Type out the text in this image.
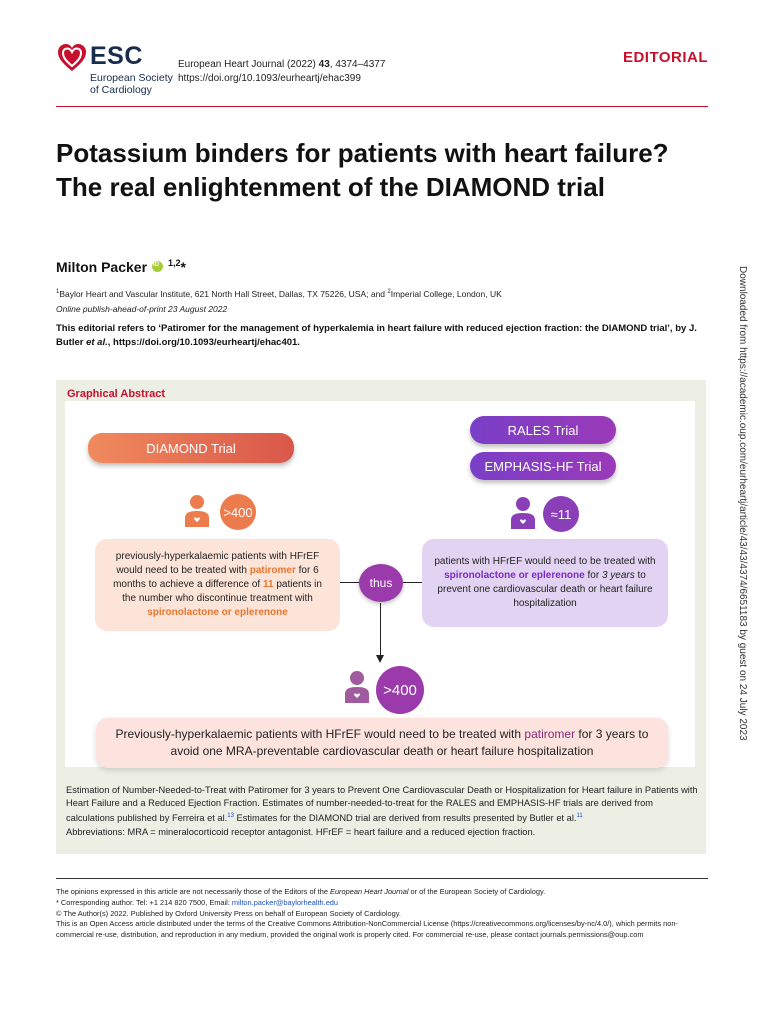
ESC
European Society
of Cardiology
European Heart Journal (2022) 43, 4374–4377
https://doi.org/10.1093/eurheartj/ehac399
EDITORIAL
Potassium binders for patients with heart failure? The real enlightenment of the DIAMOND trial
Milton Packer
iD $^{1,2}$*
$^1$Baylor Heart and Vascular Institute, 621 North Hall Street, Dallas, TX 75226, USA; and $^2$Imperial College, London, UK
Online publish-ahead-of-print 23 August 2022
This editorial refers to ‘Patiromer for the management of hyperkalemia in heart failure with reduced ejection fraction: the DIAMOND trial’, by J. Butler et al., https://doi.org/10.1093/eurheartj/ehac401.
Graphical Abstract
DIAMOND Trial
RALES Trial
EMPHASIS-HF Trial
>400	≈11
previously-hyperkalaemic patients with HFrEF would need to be treated with patiromer for 6 months to achieve a difference of 11 patients in the number who discontinue treatment with spironolactone or eplerenone
patients with HFrEF would need to be treated with spironolactone or eplerenone for 3 years to prevent one cardiovascular death or heart failure hospitalization
thus
>400
Previously-hyperkalaemic patients with HFrEF would need to be treated with patiromer for 3 years to avoid one MRA-preventable cardiovascular death or heart failure hospitalization
Estimation of Number-Needed-to-Treat with Patiromer for 3 years to Prevent One Cardiovascular Death or Hospitalization for Heart failure in Patients with Heart Failure and a Reduced Ejection Fraction. Estimates of number-needed-to-treat for the RALES and EMPHASIS-HF trials are derived from calculations published by Ferreira et al.$^{13}$ Estimates for the DIAMOND trial are derived from results presented by Butler et al.$^{11}$
Abbreviations: MRA = mineralocorticoid receptor antagonist. HFrEF = heart failure and a reduced ejection fraction.
The opinions expressed in this article are not necessarily those of the Editors of the European Heart Journal or of the European Society of Cardiology.
* Corresponding author. Tel: +1 214 820 7500, Email: milton.packer@baylorhealth.edu
© The Author(s) 2022. Published by Oxford University Press on behalf of European Society of Cardiology.
This is an Open Access article distributed under the terms of the Creative Commons Attribution-NonCommercial License (https://creativecommons.org/licenses/by-nc/4.0/), which permits non-commercial re-use, distribution, and reproduction in any medium, provided the original work is properly cited. For commercial re-use, please contact journals.permissions@oup.com
Downloaded from https://academic.oup.com/eurheartj/article/43/43/4374/6651183 by guest on 24 July 2023
